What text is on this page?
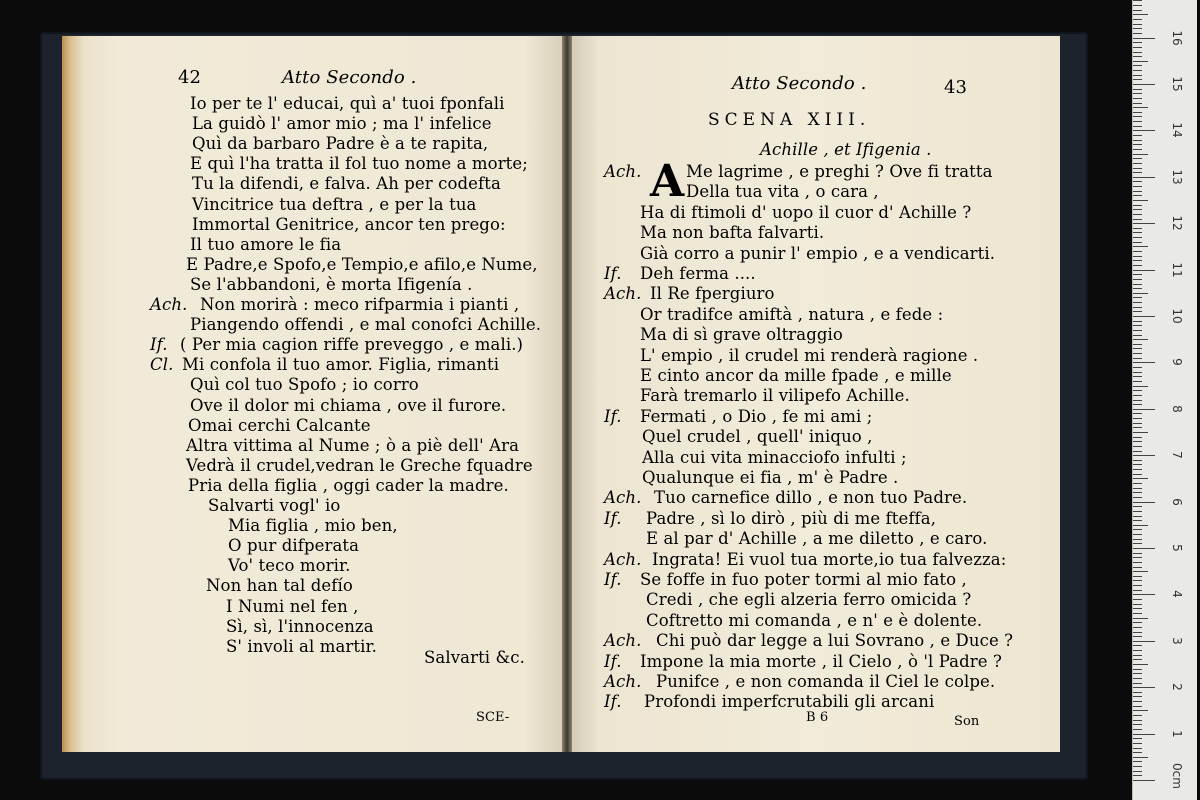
42	Atto Secondo .
Io per te l' educai, quì a' tuoi fponfali
La guidò l' amor mio ; ma l' infelice
Quì da barbaro Padre è a te rapita,
E quì l'ha tratta il fol tuo nome a morte;
Tu la difendi, e falva. Ah per codefta
Vincitrice tua deftra , e per la tua
Immortal Genitrice, ancor ten prego:
Il tuo amore le fia
E Padre,e Spofo,e Tempio,e afilo,e Nume,
Se l'abbandoni, è morta Ifigenía .
Ach. Non morirà : meco rifparmia i pianti ,
Piangendo offendi , e mal conofci Achille.
If. ( Per mia cagion riffe preveggo , e mali.)
Cl. Mi confola il tuo amor. Figlia, rimanti
Quì col tuo Spofo ; io corro
Ove il dolor mi chiama , ove il furore.
Omai cerchi Calcante
Altra vittima al Nume ; ò a piè dell' Ara
Vedrà il crudel,vedran le Greche fquadre
Pria della figlia , oggi cader la madre.
Salvarti vogl' io
Mia figlia , mio ben,
O pur difperata
Vo' teco morir.
Non han tal defío
I Numi nel fen ,
Sì, sì, l'innocenza
S' involi al martir.
Salvarti &c.
SCE-
Atto Secondo .	43
SCENA XIII.
Achille , et Ifigenia .
A
Ach.	Me lagrime , e preghi ? Ove fi tratta
Della tua vita , o cara ,
Ha di ftimoli d' uopo il cuor d' Achille ?
Ma non bafta falvarti.
Già corro a punir l' empio , e a vendicarti.
If. Deh ferma ....
Ach. Il Re fpergiuro
Or tradifce amiftà , natura , e fede :
Ma di sì grave oltraggio
L' empio , il crudel mi renderà ragione .
E cinto ancor da mille fpade , e mille
Farà tremarlo il vilipefo Achille.
If. Fermati , o Dio , fe mi ami ;
Quel crudel , quell' iniquo ,
Alla cui vita minacciofo infulti ;
Qualunque ei fia , m' è Padre .
Ach. Tuo carnefice dillo , e non tuo Padre.
If. Padre , sì lo dirò , più di me fteffa,
E al par d' Achille , a me diletto , e caro.
Ach. Ingrata! Ei vuol tua morte,io tua falvezza:
If. Se foffe in fuo poter tormi al mio fato ,
Credi , che egli alzeria ferro omicida ?
Coftretto mi comanda , e n' e è dolente.
Ach. Chi può dar legge a lui Sovrano , e Duce ?
If. Impone la mia morte , il Cielo , ò 'l Padre ?
Ach. Punifce , e non comanda il Ciel le colpe.
If. Profondi imperfcrutabili gli arcani
B 6	Son
0cm
1
2
3
4
5
6
7
8
9
10
11
12
13
14
15
16
